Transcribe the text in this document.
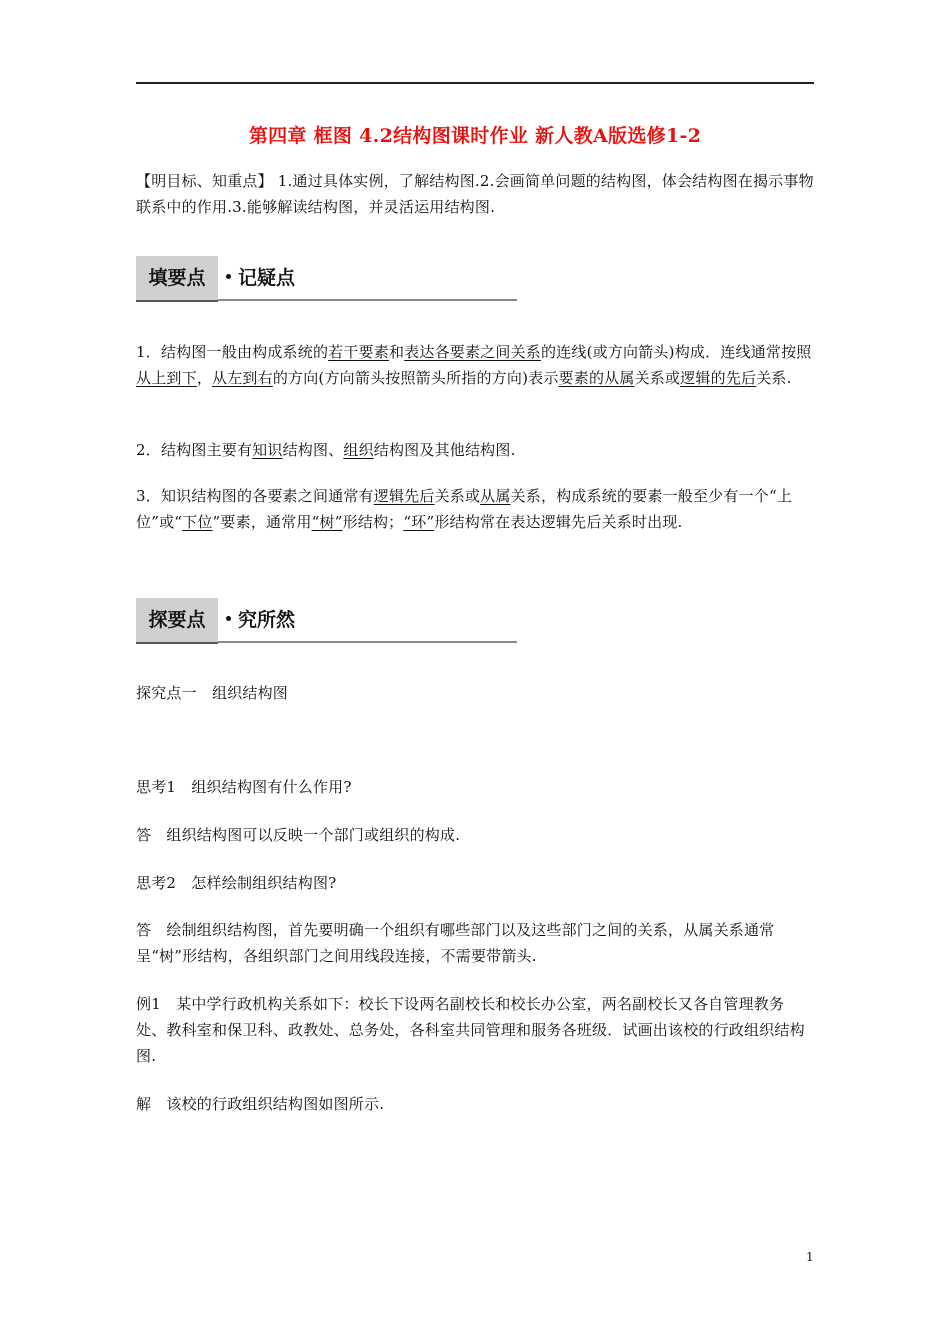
第四章 框图 4.2结构图课时作业 新人教A版选修1-2
【明目标、知重点】 1.通过具体实例，了解结构图.2.会画简单问题的结构图，体会结构图在揭示事物联系中的作用.3.能够解读结构图，并灵活运用结构图.
填要点	记疑点
1．结构图一般由构成系统的若干要素和表达各要素之间关系的连线(或方向箭头)构成．连线通常按照从上到下，从左到右的方向(方向箭头按照箭头所指的方向)表示要素的从属关系或逻辑的先后关系.
2．结构图主要有知识结构图、组织结构图及其他结构图.
3．知识结构图的各要素之间通常有逻辑先后关系或从属关系，构成系统的要素一般至少有一个“上位”或“下位”要素，通常用“树”形结构；“环”形结构常在表达逻辑先后关系时出现.
探要点	究所然
探究点一　组织结构图
思考1　组织结构图有什么作用?
答　组织结构图可以反映一个部门或组织的构成.
思考2　怎样绘制组织结构图?
答　绘制组织结构图，首先要明确一个组织有哪些部门以及这些部门之间的关系，从属关系通常呈“树”形结构，各组织部门之间用线段连接，不需要带箭头.
例1　某中学行政机构关系如下：校长下设两名副校长和校长办公室，两名副校长又各自管理教务处、教科室和保卫科、政教处、总务处，各科室共同管理和服务各班级．试画出该校的行政组织结构图.
解　该校的行政组织结构图如图所示.
1
